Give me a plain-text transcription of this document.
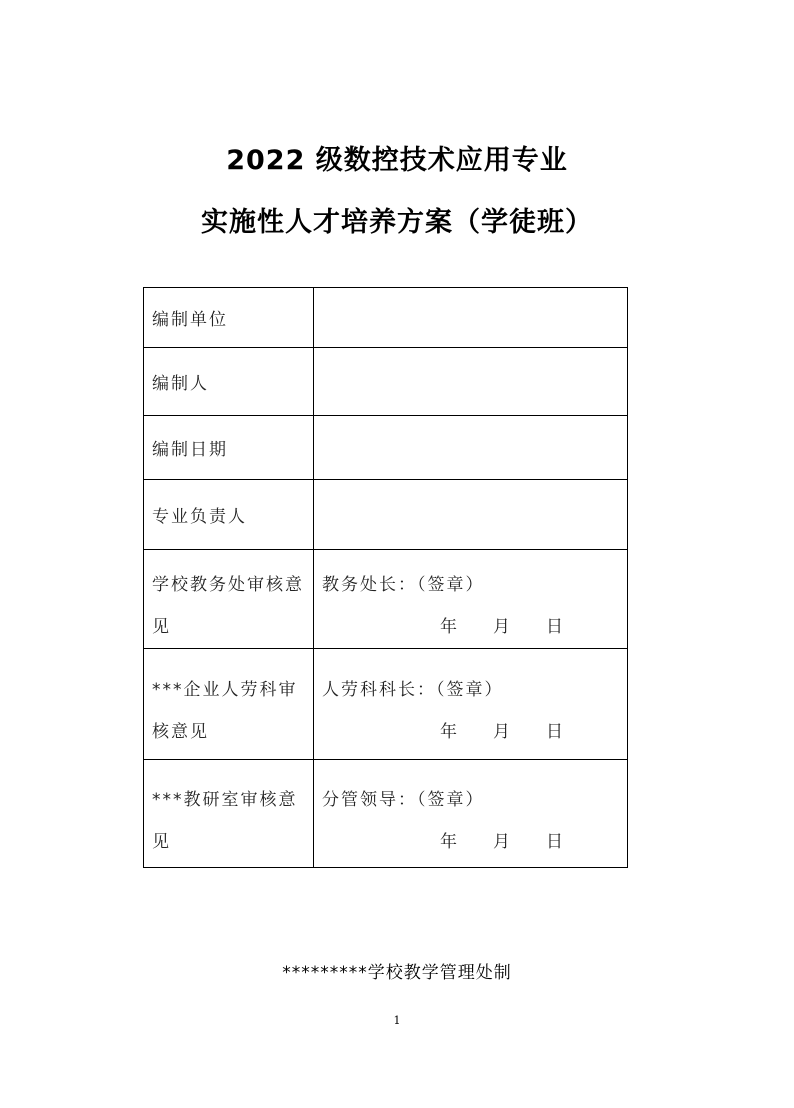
2022 级数控技术应用专业
实施性人才培养方案（学徒班）
编制单位	
编制人	
编制日期	
专业负责人	
学校教务处审核意见	教务处长：（签章）
年 月 日

***企业人劳科审核意见	人劳科科长：（签章）
年 月 日

***教研室审核意见	分管领导：（签章）
年 月 日
*********学校教学管理处制
1
